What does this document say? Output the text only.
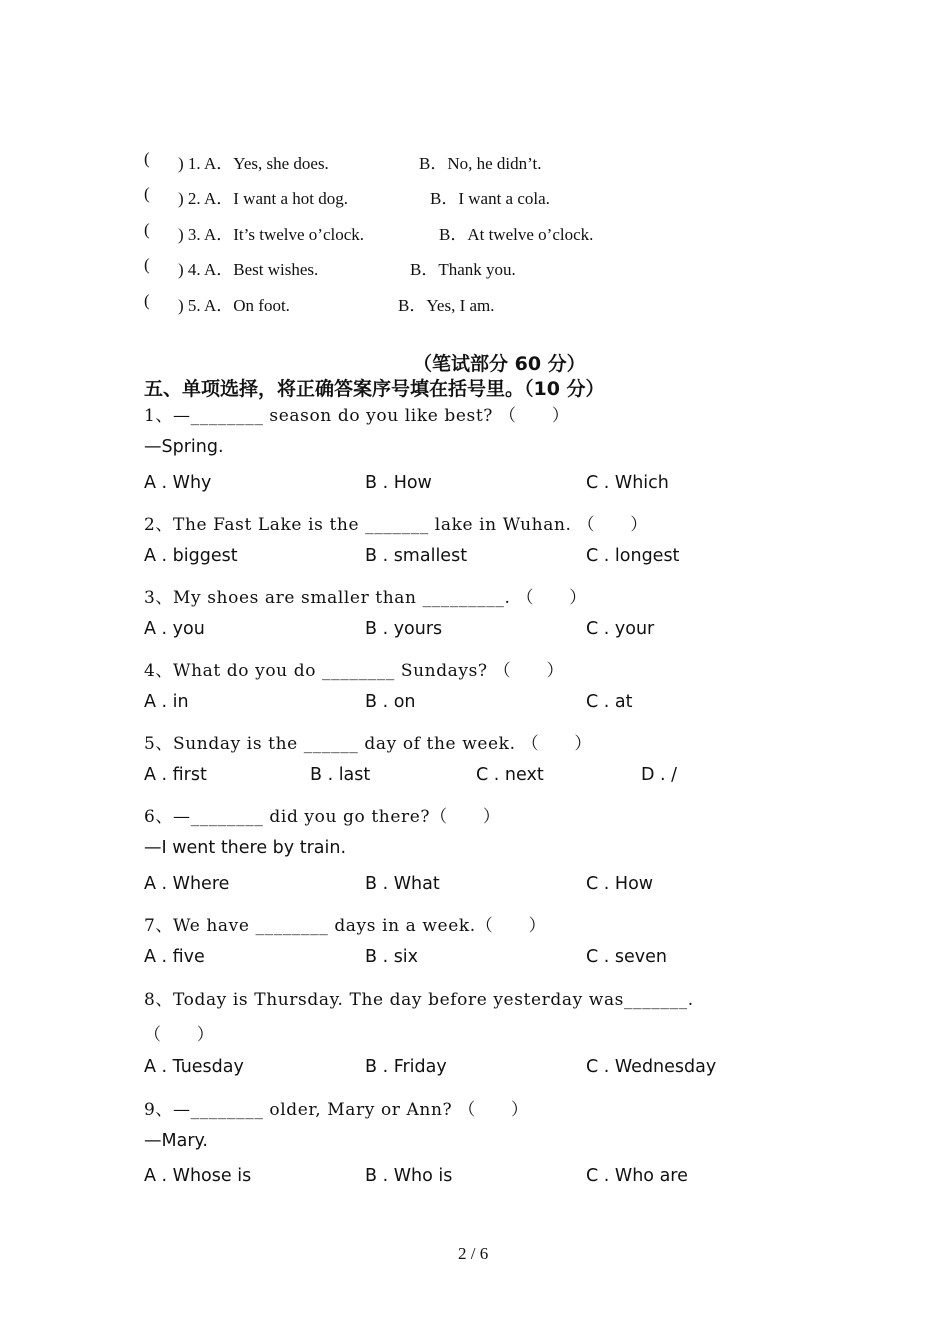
( ) 1. A．Yes, she does.	B．No, he didn’t.
( ) 2. A．I want a hot dog.	B．I want a cola.
( ) 3. A．It’s twelve o’clock.	B．At twelve o’clock.
( ) 4. A．Best wishes.	B．Thank you.
( ) 5. A．On foot.	B．Yes, I am.
（笔试部分 60 分）
五、单项选择，将正确答案序号填在括号里。（10 分）
1、—________ season do you like best? （　　）
—Spring.
A . Why	B . How	C . Which
2、The Fast Lake is the _______ lake in Wuhan. （　　）
A . biggest	B . smallest	C . longest
3、My shoes are smaller than _________. （　　）
A . you	B . yours	C . your
4、What do you do ________ Sundays? （　　）
A . in	B . on	C . at
5、Sunday is the ______ day of the week. （　　）
A . first	B . last	C . next	D . /
6、—________ did you go there?（　　）
—I went there by train.
A . Where	B . What	C . How
7、We have ________ days in a week.（　　）
A . five	B . six	C . seven
8、Today is Thursday. The day before yesterday was_______.
（　　）
A . Tuesday	B . Friday	C . Wednesday
9、—________ older, Mary or Ann? （　　）
—Mary.
A . Whose is	B . Who is	C . Who are
2 / 6
